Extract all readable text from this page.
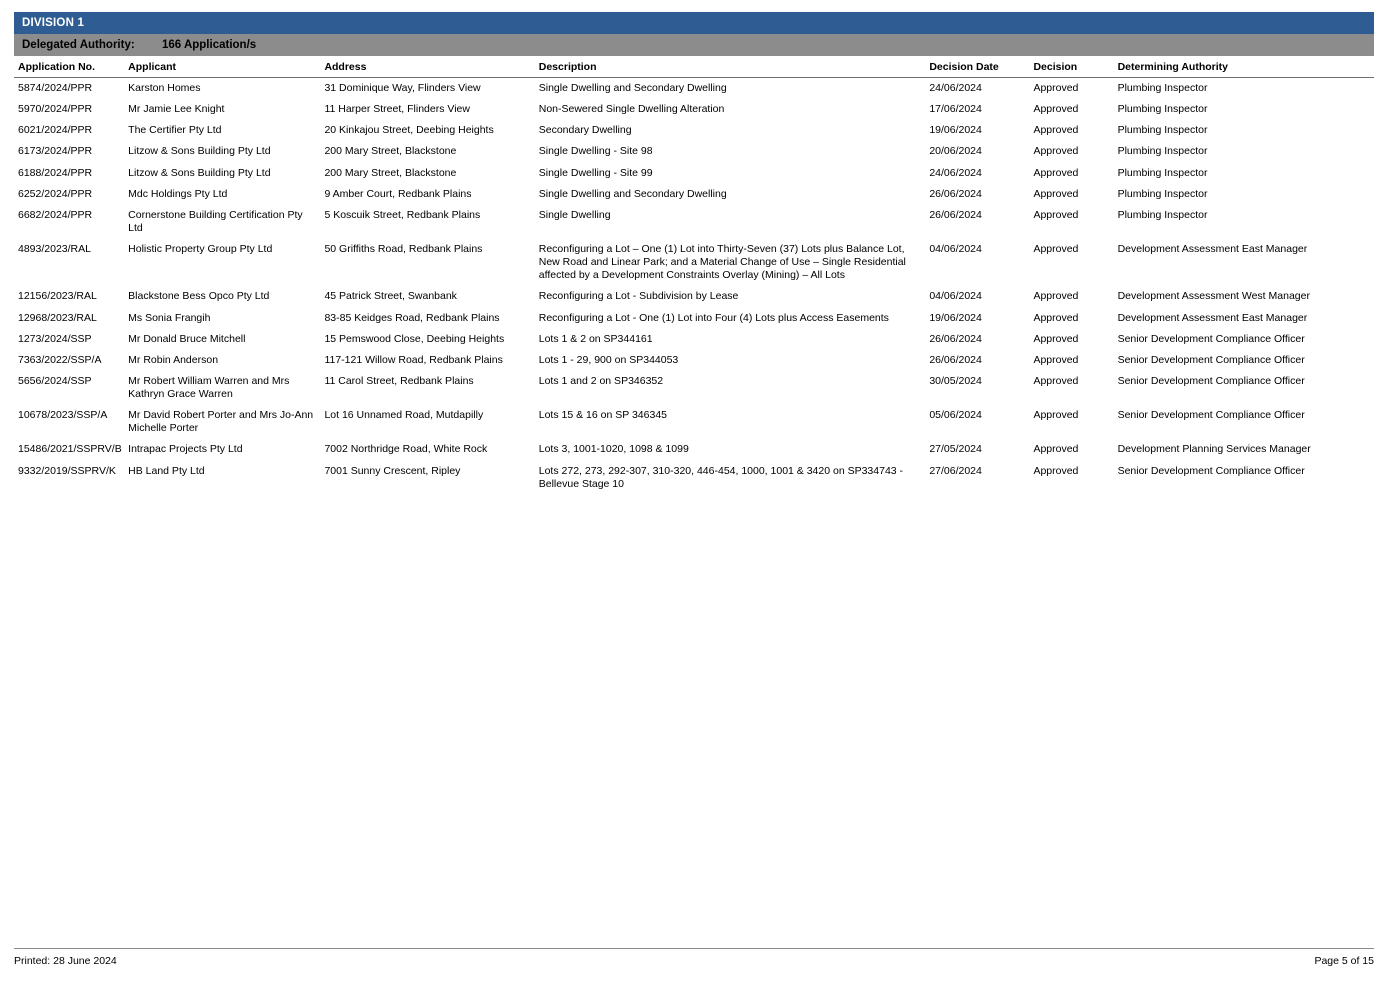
DIVISION 1
Delegated Authority:	166 Application/s
Application No.	Applicant	Address	Description	Decision Date	Decision	Determining Authority
5874/2024/PPR	Karston Homes	31 Dominique Way, Flinders View	Single Dwelling and Secondary Dwelling	24/06/2024	Approved	Plumbing Inspector
5970/2024/PPR	Mr Jamie Lee Knight	11 Harper Street, Flinders View	Non-Sewered Single Dwelling Alteration	17/06/2024	Approved	Plumbing Inspector
6021/2024/PPR	The Certifier Pty Ltd	20 Kinkajou Street, Deebing Heights	Secondary Dwelling	19/06/2024	Approved	Plumbing Inspector
6173/2024/PPR	Litzow & Sons Building Pty Ltd	200 Mary Street, Blackstone	Single Dwelling - Site 98	20/06/2024	Approved	Plumbing Inspector
6188/2024/PPR	Litzow & Sons Building Pty Ltd	200 Mary Street, Blackstone	Single Dwelling - Site 99	24/06/2024	Approved	Plumbing Inspector
6252/2024/PPR	Mdc Holdings Pty Ltd	9 Amber Court, Redbank Plains	Single Dwelling and Secondary Dwelling	26/06/2024	Approved	Plumbing Inspector
6682/2024/PPR	Cornerstone Building Certification Pty Ltd	5 Koscuik Street, Redbank Plains	Single Dwelling	26/06/2024	Approved	Plumbing Inspector
4893/2023/RAL	Holistic Property Group Pty Ltd	50 Griffiths Road, Redbank Plains	Reconfiguring a Lot – One (1) Lot into Thirty-Seven (37) Lots plus Balance Lot, New Road and Linear Park; and a Material Change of Use – Single Residential affected by a Development Constraints Overlay (Mining) – All Lots	04/06/2024	Approved	Development Assessment East Manager
12156/2023/RAL	Blackstone Bess Opco Pty Ltd	45 Patrick Street, Swanbank	Reconfiguring a Lot - Subdivision by Lease	04/06/2024	Approved	Development Assessment West Manager
12968/2023/RAL	Ms Sonia Frangih	83-85 Keidges Road, Redbank Plains	Reconfiguring a Lot - One (1) Lot into Four (4) Lots plus Access Easements	19/06/2024	Approved	Development Assessment East Manager
1273/2024/SSP	Mr Donald Bruce Mitchell	15 Pemswood Close, Deebing Heights	Lots 1 & 2 on SP344161	26/06/2024	Approved	Senior Development Compliance Officer
7363/2022/SSP/A	Mr Robin Anderson	117-121 Willow Road, Redbank Plains	Lots 1 - 29, 900 on SP344053	26/06/2024	Approved	Senior Development Compliance Officer
5656/2024/SSP	Mr Robert William Warren and Mrs Kathryn Grace Warren	11 Carol Street, Redbank Plains	Lots 1 and 2 on SP346352	30/05/2024	Approved	Senior Development Compliance Officer
10678/2023/SSP/A	Mr David Robert Porter and Mrs Jo-Ann Michelle Porter	Lot 16 Unnamed Road, Mutdapilly	Lots 15 & 16 on SP 346345	05/06/2024	Approved	Senior Development Compliance Officer
15486/2021/SSPRV/B	Intrapac Projects Pty Ltd	7002 Northridge Road, White Rock	Lots 3, 1001-1020, 1098 & 1099	27/05/2024	Approved	Development Planning Services Manager
9332/2019/SSPRV/K	HB Land Pty Ltd	7001 Sunny Crescent, Ripley	Lots 272, 273, 292-307, 310-320, 446-454, 1000, 1001 & 3420 on SP334743 - Bellevue Stage 10	27/06/2024	Approved	Senior Development Compliance Officer
Printed: 28 June 2024	Page 5 of 15
